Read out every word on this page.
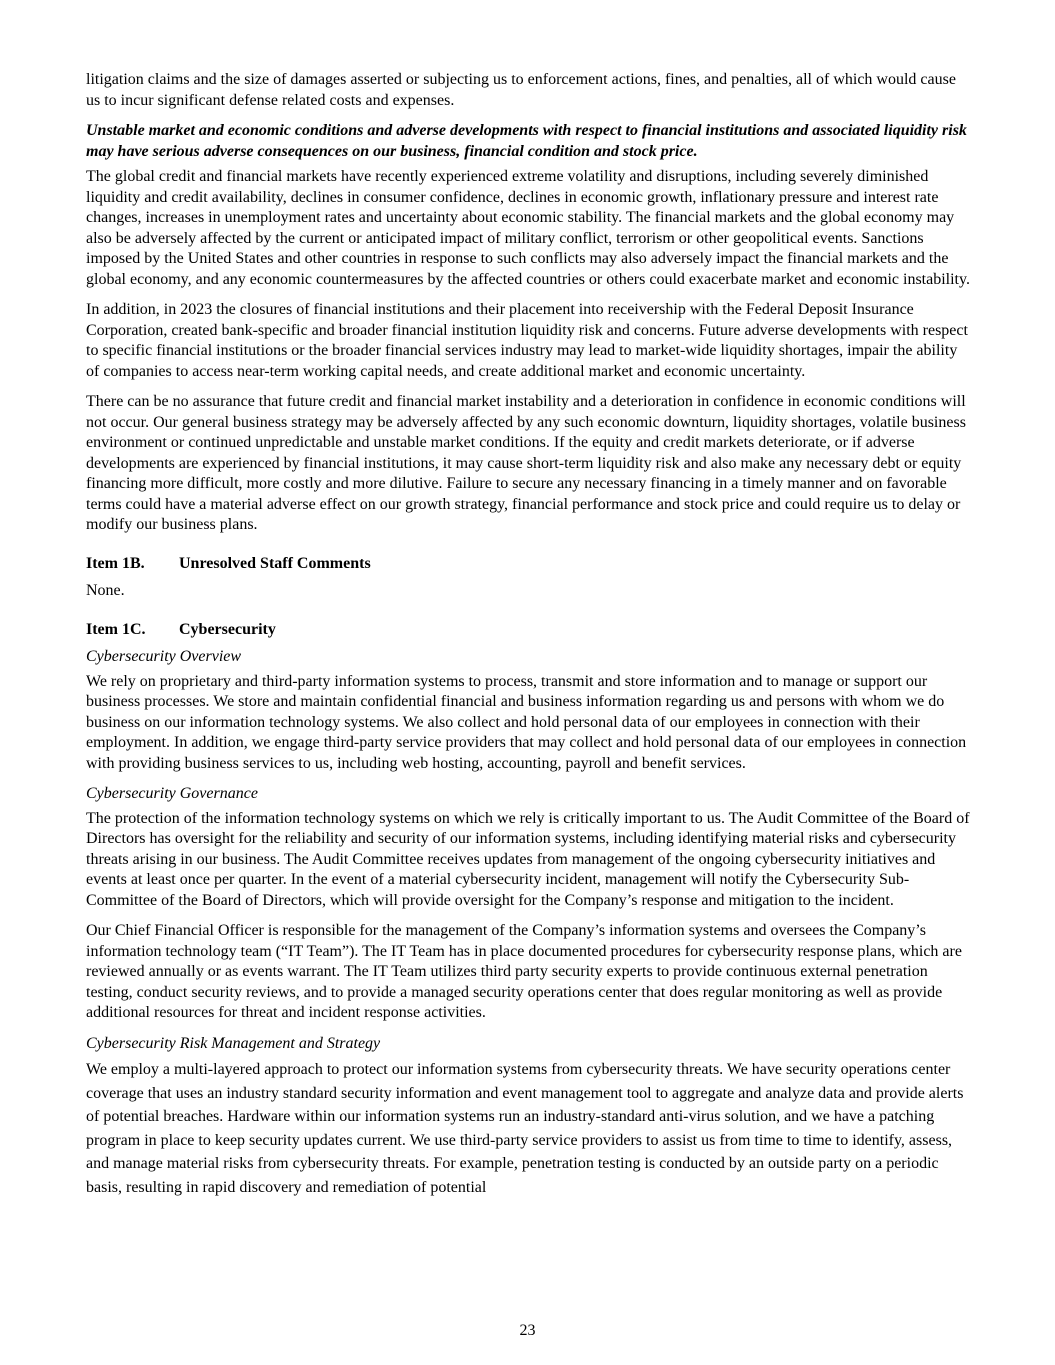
litigation claims and the size of damages asserted or subjecting us to enforcement actions, fines, and penalties, all of which would cause us to incur significant defense related costs and expenses.

Unstable market and economic conditions and adverse developments with respect to financial institutions and associated liquidity risk may have serious adverse consequences on our business, financial condition and stock price.

The global credit and financial markets have recently experienced extreme volatility and disruptions, including severely diminished liquidity and credit availability, declines in consumer confidence, declines in economic growth, inflationary pressure and interest rate changes, increases in unemployment rates and uncertainty about economic stability. The financial markets and the global economy may also be adversely affected by the current or anticipated impact of military conflict, terrorism or other geopolitical events. Sanctions imposed by the United States and other countries in response to such conflicts may also adversely impact the financial markets and the global economy, and any economic countermeasures by the affected countries or others could exacerbate market and economic instability.

In addition, in 2023 the closures of financial institutions and their placement into receivership with the Federal Deposit Insurance Corporation, created bank-specific and broader financial institution liquidity risk and concerns. Future adverse developments with respect to specific financial institutions or the broader financial services industry may lead to market-wide liquidity shortages, impair the ability of companies to access near-term working capital needs, and create additional market and economic uncertainty.

There can be no assurance that future credit and financial market instability and a deterioration in confidence in economic conditions will not occur. Our general business strategy may be adversely affected by any such economic downturn, liquidity shortages, volatile business environment or continued unpredictable and unstable market conditions. If the equity and credit markets deteriorate, or if adverse developments are experienced by financial institutions, it may cause short-term liquidity risk and also make any necessary debt or equity financing more difficult, more costly and more dilutive. Failure to secure any necessary financing in a timely manner and on favorable terms could have a material adverse effect on our growth strategy, financial performance and stock price and could require us to delay or modify our business plans.

Item 1B.	Unresolved Staff Comments

None.

Item 1C.	Cybersecurity

Cybersecurity Overview

We rely on proprietary and third-party information systems to process, transmit and store information and to manage or support our business processes. We store and maintain confidential financial and business information regarding us and persons with whom we do business on our information technology systems. We also collect and hold personal data of our employees in connection with their employment. In addition, we engage third-party service providers that may collect and hold personal data of our employees in connection with providing business services to us, including web hosting, accounting, payroll and benefit services.

Cybersecurity Governance

The protection of the information technology systems on which we rely is critically important to us. The Audit Committee of the Board of Directors has oversight for the reliability and security of our information systems, including identifying material risks and cybersecurity threats arising in our business. The Audit Committee receives updates from management of the ongoing cybersecurity initiatives and events at least once per quarter. In the event of a material cybersecurity incident, management will notify the Cybersecurity Sub-Committee of the Board of Directors, which will provide oversight for the Company’s response and mitigation to the incident.

Our Chief Financial Officer is responsible for the management of the Company’s information systems and oversees the Company’s information technology team (“IT Team”). The IT Team has in place documented procedures for cybersecurity response plans, which are reviewed annually or as events warrant. The IT Team utilizes third party security experts to provide continuous external penetration testing, conduct security reviews, and to provide a managed security operations center that does regular monitoring as well as provide additional resources for threat and incident response activities.

Cybersecurity Risk Management and Strategy

We employ a multi-layered approach to protect our information systems from cybersecurity threats. We have security operations center coverage that uses an industry standard security information and event management tool to aggregate and analyze data and provide alerts of potential breaches. Hardware within our information systems run an industry-standard anti-virus solution, and we have a patching program in place to keep security updates current. We use third-party service providers to assist us from time to time to identify, assess, and manage material risks from cybersecurity threats. For example, penetration testing is conducted by an outside party on a periodic basis, resulting in rapid discovery and remediation of potential

23
